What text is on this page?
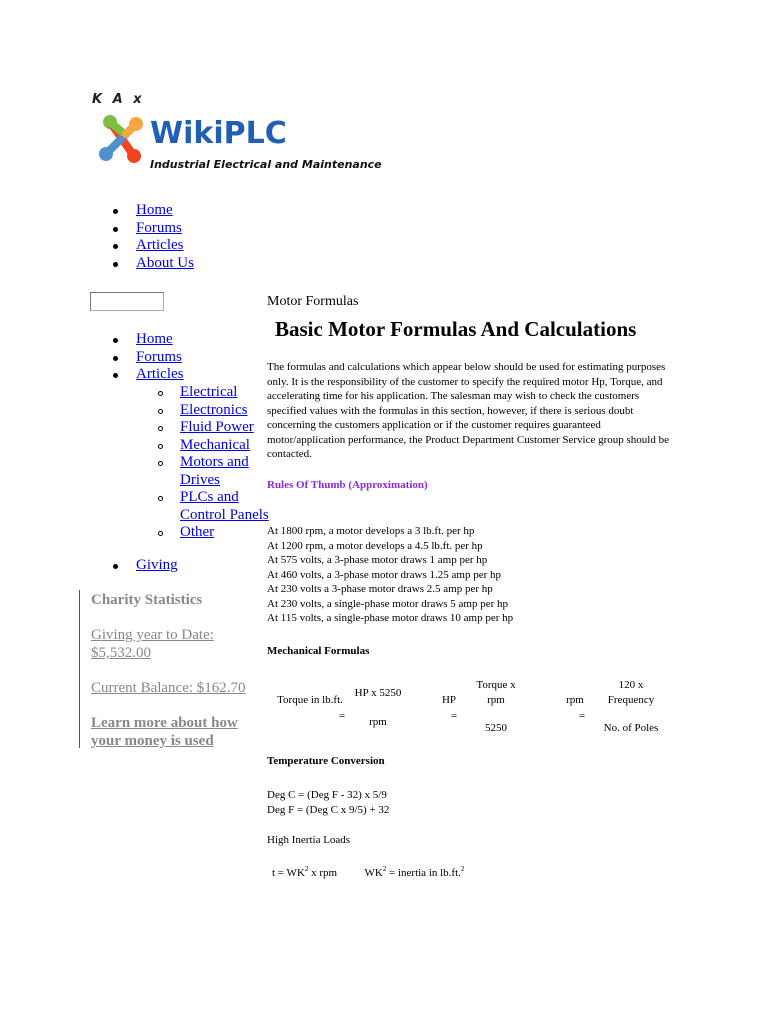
K A x
WikiPLC
Industrial Electrical and Maintenance
Home
Forums
Articles
About Us
Home
Forums
Articles
Electrical
Electronics
Fluid Power
Mechanical
Motors and Drives
PLCs and Control Panels
Other
Giving
Charity Statistics
Giving year to Date: $5,532.00
Current Balance: $162.70
Learn more about how your money is used
Motor Formulas
Basic Motor Formulas And Calculations
The formulas and calculations which appear below should be used for estimating purposes only. It is the responsibility of the customer to specify the required motor Hp, Torque, and accelerating time for his application. The salesman may wish to check the customers specified values with the formulas in this section, however, if there is serious doubt concerning the customers application or if the customer requires guaranteed motor/application performance, the Product Department Customer Service group should be contacted.
Rules Of Thumb (Approximation)
At 1800 rpm, a motor develops a 3 lb.ft. per hp
At 1200 rpm, a motor develops a 4.5 lb.ft. per hp
At 575 volts, a 3-phase motor draws 1 amp per hp
At 460 volts, a 3-phase motor draws 1.25 amp per hp
At 230 volts a 3-phase motor draws 2.5 amp per hp
At 230 volts, a single-phase motor draws 5 amp per hp
At 115 volts, a single-phase motor draws 10 amp per hp
Mechanical Formulas
Torque in lb.ft.
=
HP x 5250
rpm
HP
=
Torque x
rpm
5250
rpm
=
120 x
Frequency
No. of Poles
Temperature Conversion
Deg C = (Deg F - 32) x 5/9
Deg F = (Deg C x 9/5) + 32
High Inertia Loads
$t = WK^2$ x rpm $WK^2$ = inertia in lb.ft.$^2$
